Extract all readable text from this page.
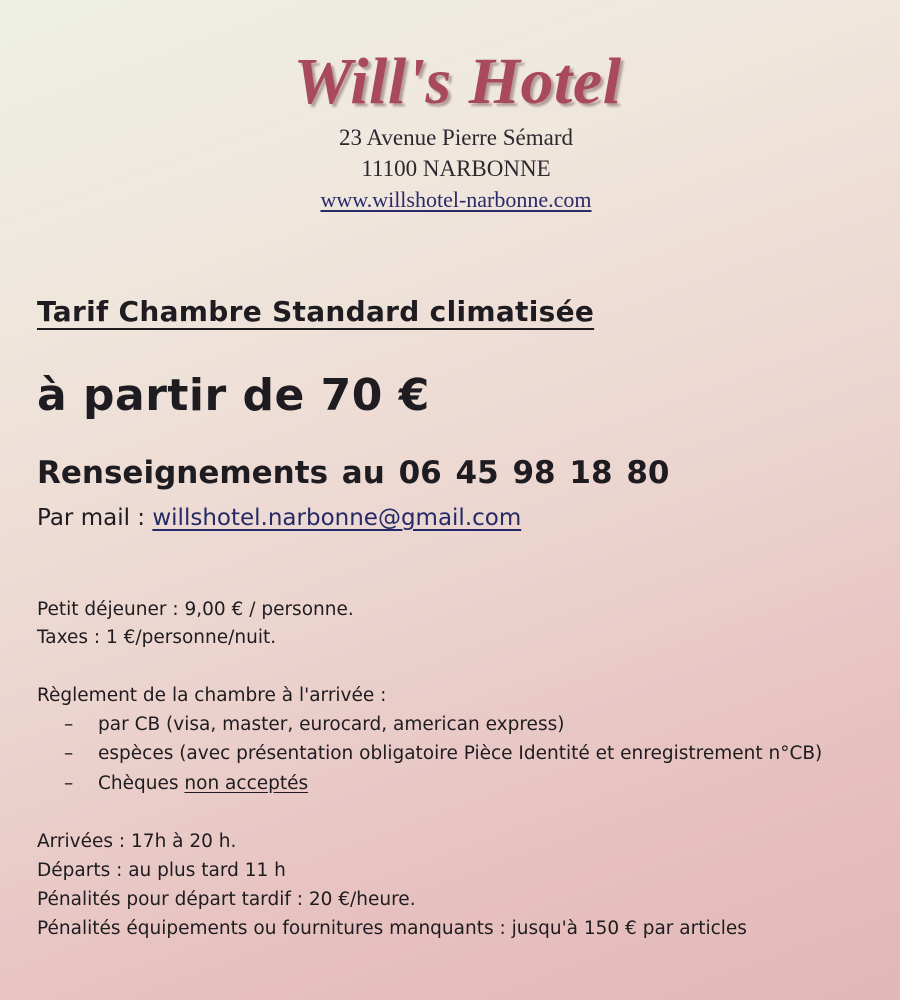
Will's Hotel
23 Avenue Pierre Sémard
11100 NARBONNE
www.willshotel-narbonne.com
Tarif Chambre Standard climatisée
à partir de 70 €
Renseignements au 06 45 98 18 80
Par mail : willshotel.narbonne@gmail.com
Petit déjeuner : 9,00 € / personne.
Taxes : 1 €/personne/nuit.
Règlement de la chambre à l'arrivée :
– par CB (visa, master, eurocard, american express)
– espèces (avec présentation obligatoire Pièce Identité et enregistrement n°CB)
– Chèques non acceptés
Arrivées : 17h à 20 h.
Départs : au plus tard 11 h
Pénalités pour départ tardif : 20 €/heure.
Pénalités équipements ou fournitures manquants : jusqu'à 150 € par articles
